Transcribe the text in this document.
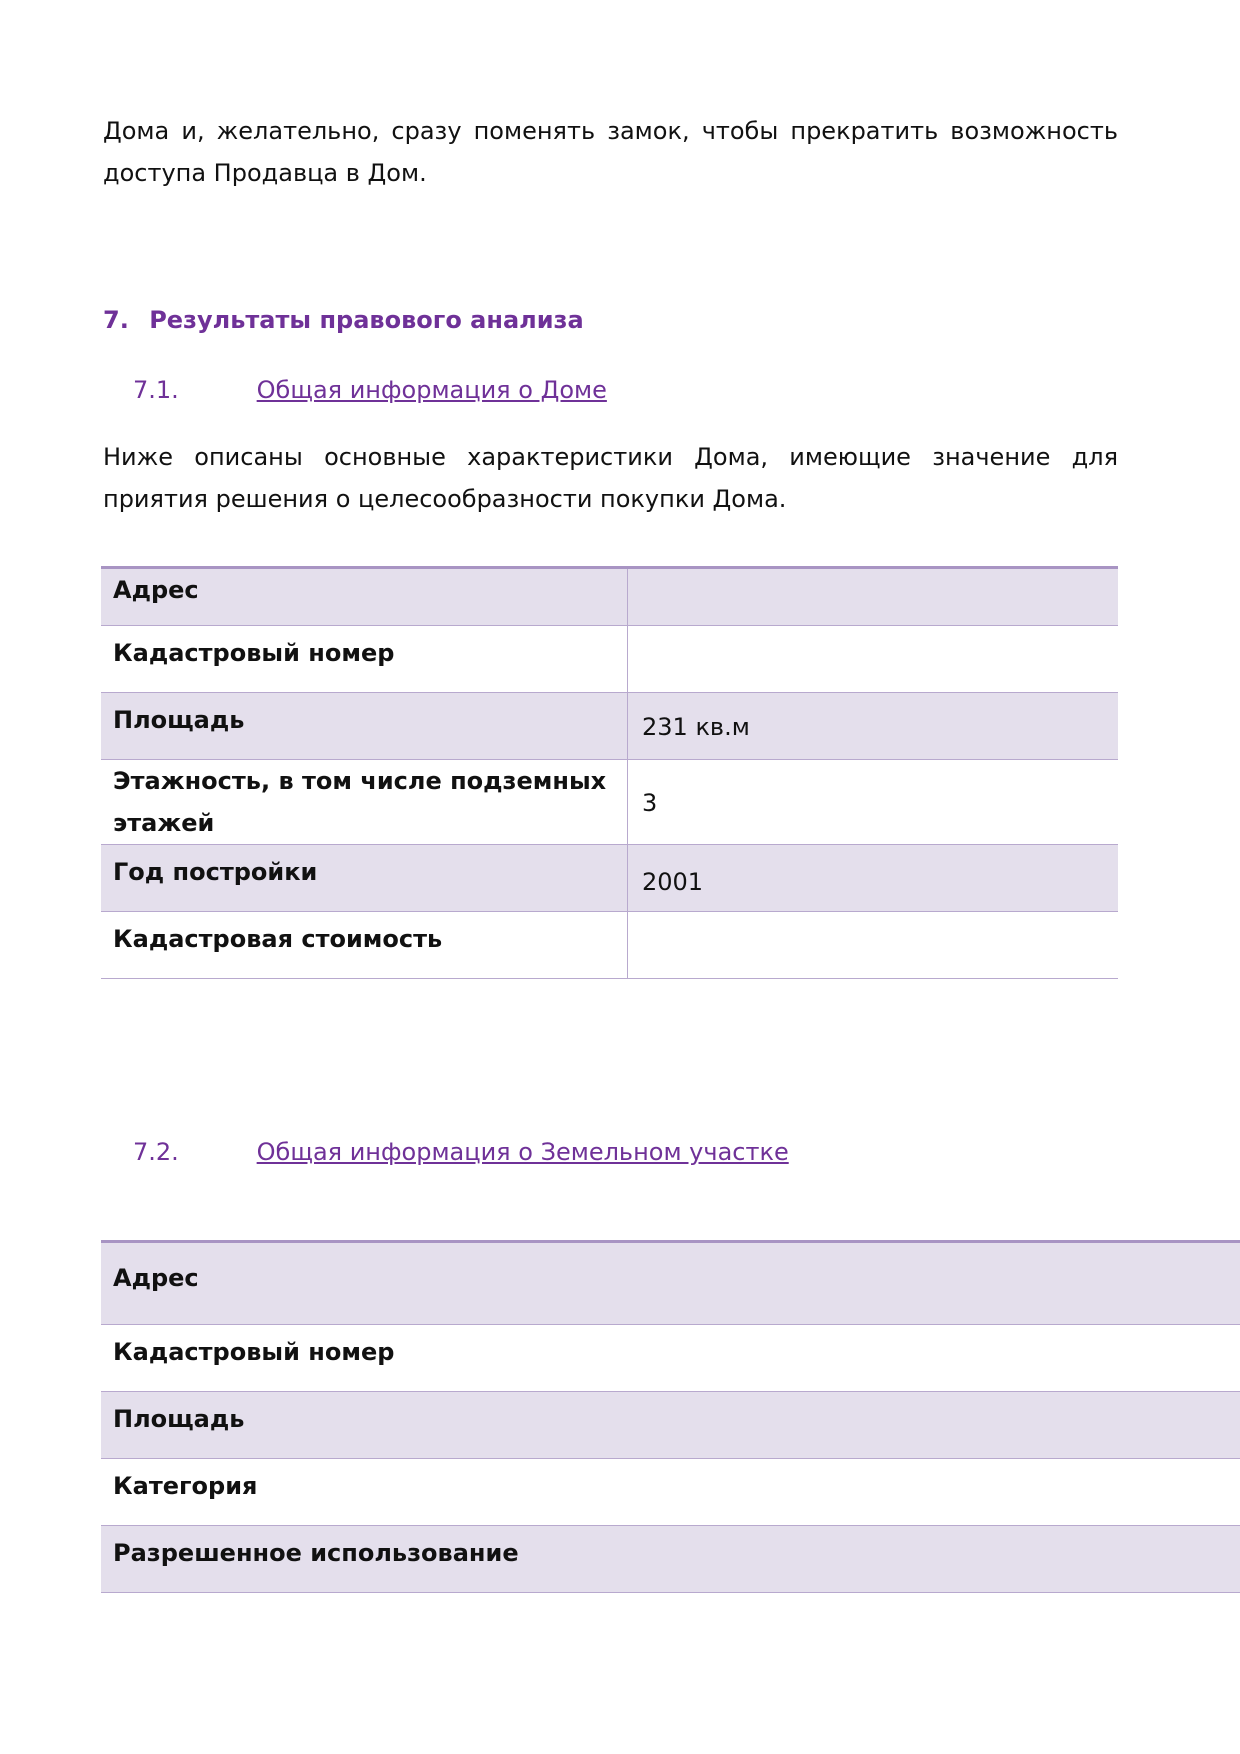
Дома и, желательно, сразу поменять замок, чтобы прекратить возможность доступа Продавца в Дом.

7. Результаты правового анализа
7.1.	Общая информация о Доме

Ниже описаны основные характеристики Дома, имеющие значение для приятия решения о целесообразности покупки Дома.

Адрес	
Кадастровый номер	
Площадь	231 кв.м
Этажность, в том числе подземных этажей	3
Год постройки	2001
Кадастровая стоимость	
7.2.	Общая информация о Земельном участке
Адрес
Кадастровый номер
Площадь
Категория
Разрешенное использование
